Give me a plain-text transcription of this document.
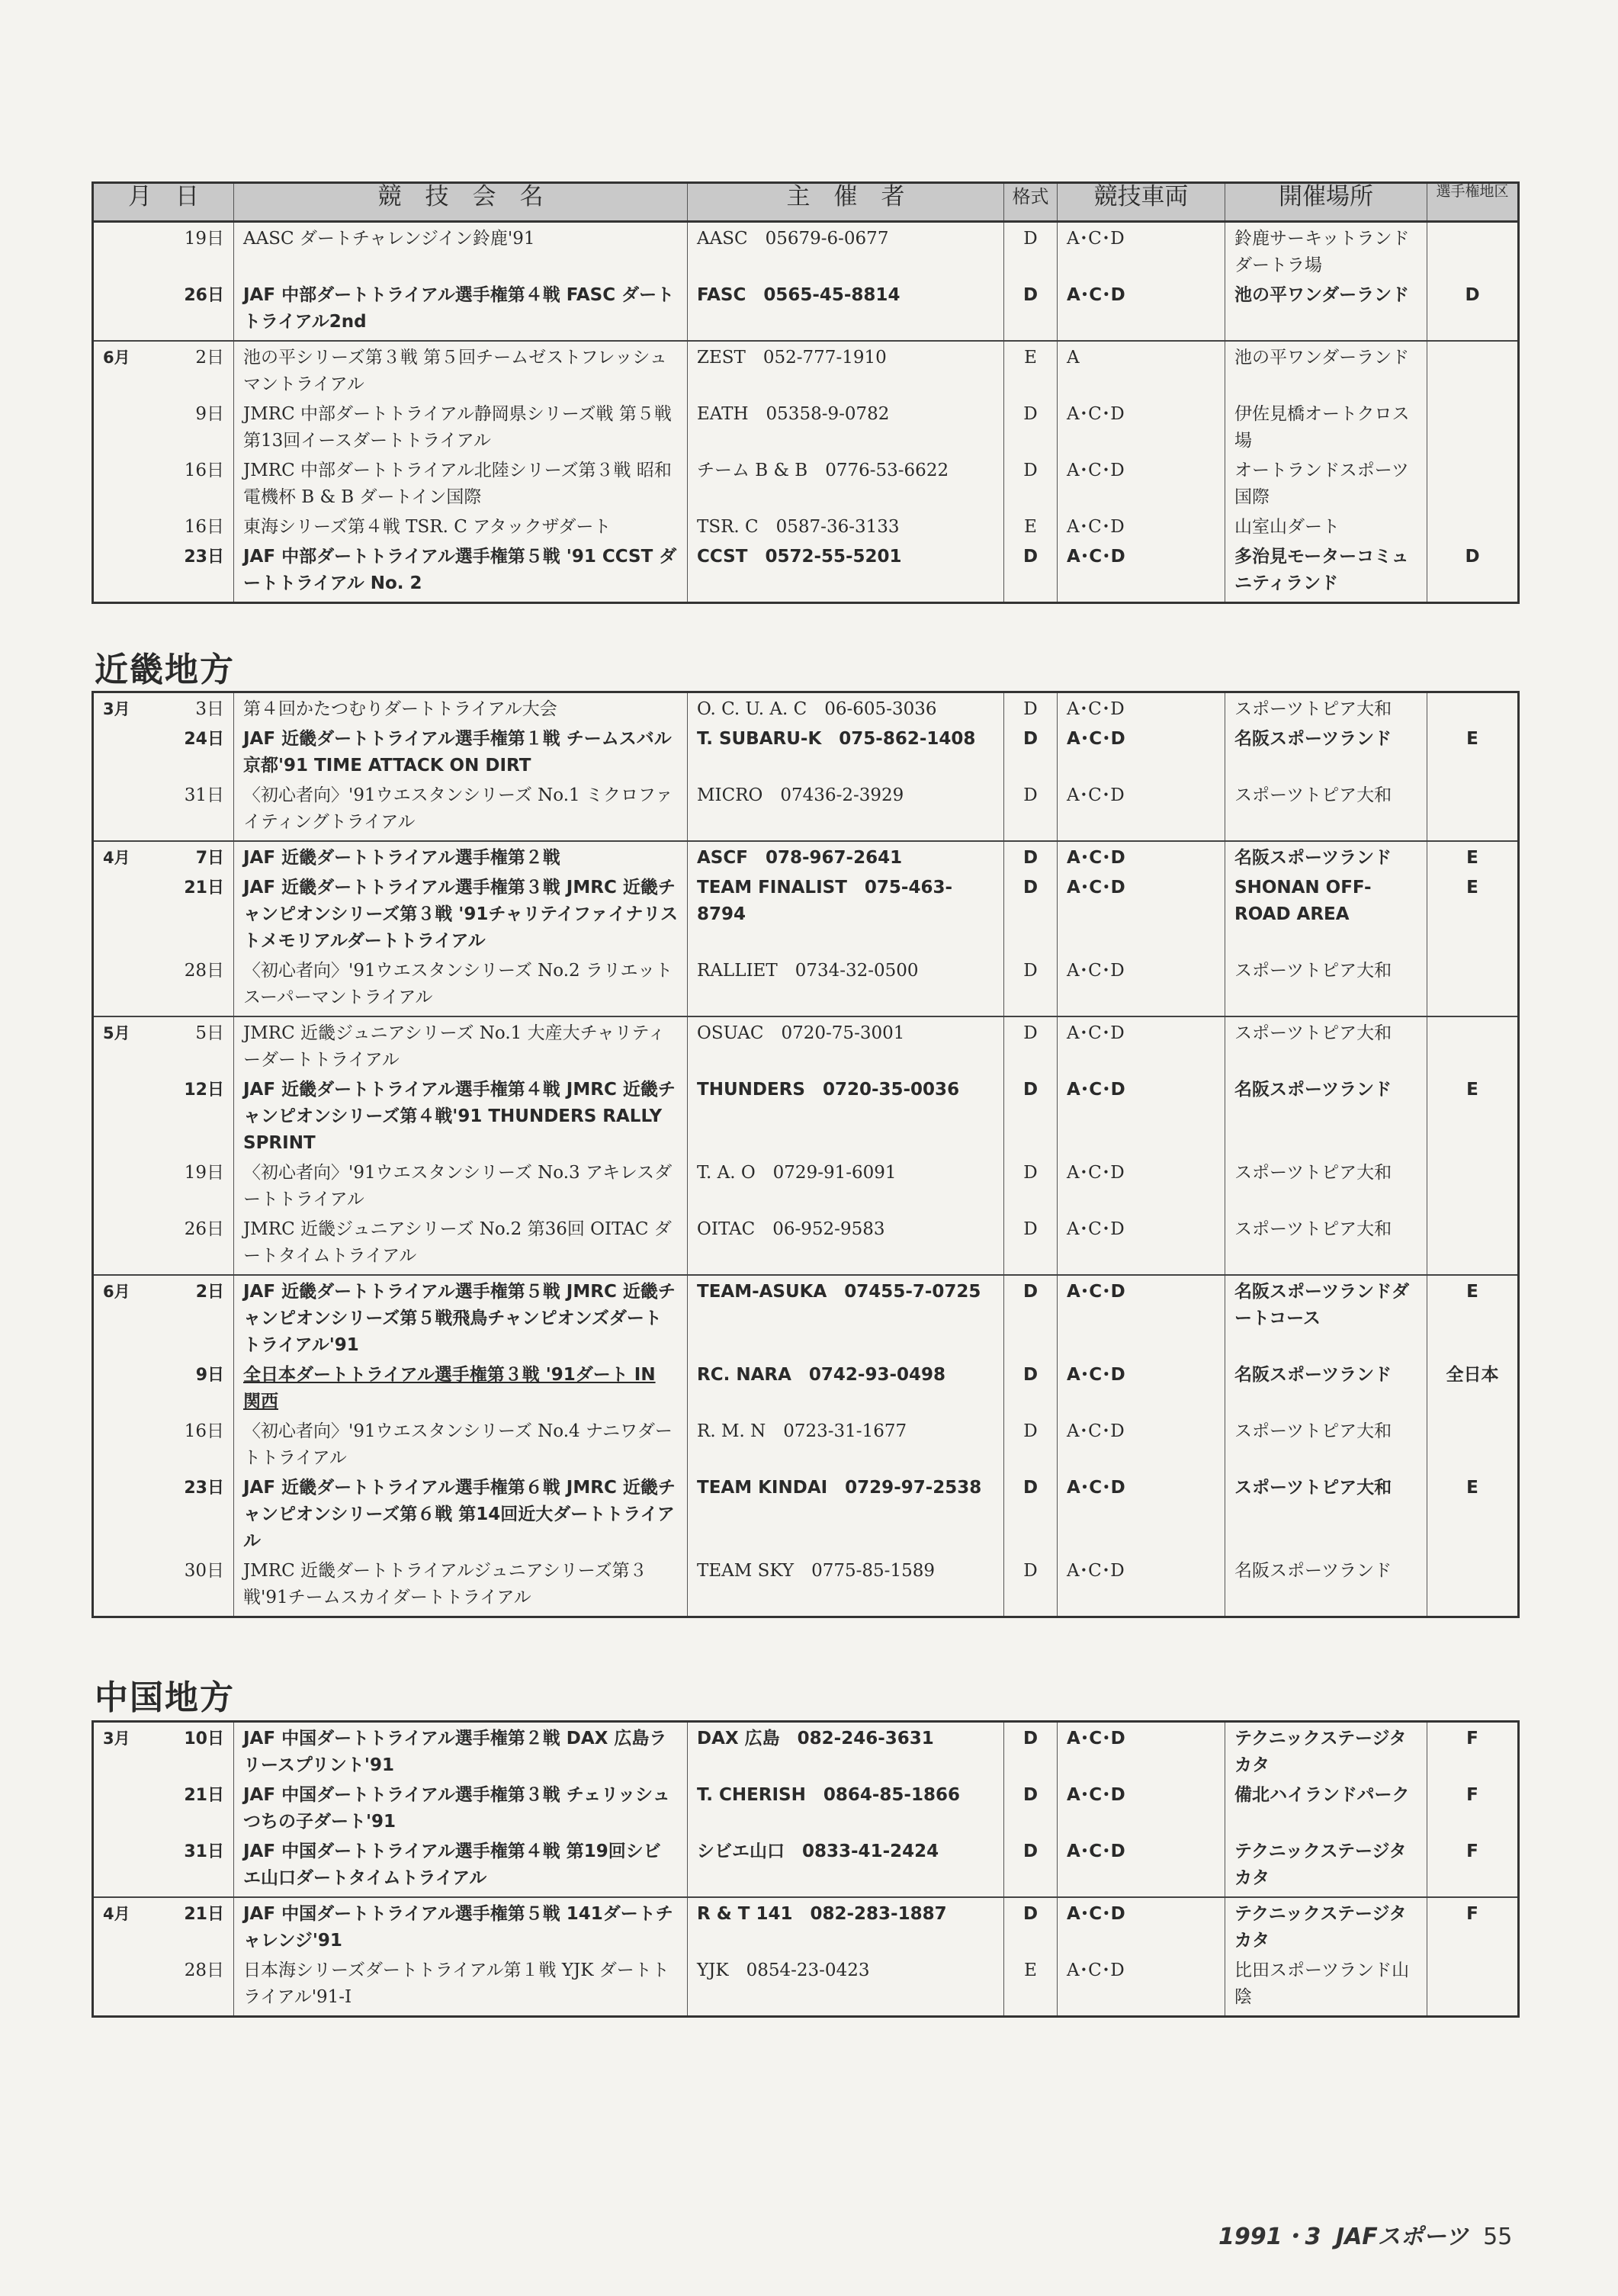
月　日	競　技　会　名	主　催　者	格式	競技車両	開催場所	選手権地区

19日	AASC ダートチャレンジイン鈴鹿'91	AASC　05679-6-0677	D	A･C･D	鈴鹿サーキットランド ダートラ場	

26日	JAF 中部ダートトライアル選手権第４戦 FASC ダートトライアル2nd	FASC　0565-45-8814	D	A･C･D	池の平ワンダーランド	D

6月 2日	池の平シリーズ第３戦 第５回チームゼストフレッシュマントライアル	ZEST　052-777-1910	E	A	池の平ワンダーランド	

9日	JMRC 中部ダートトライアル静岡県シリーズ戦 第５戦第13回イースダートトライアル	EATH　05358-9-0782	D	A･C･D	伊佐見橋オートクロス場	

16日	JMRC 中部ダートトライアル北陸シリーズ第３戦 昭和電機杯 B & B ダートイン国際	チーム B & B　0776-53-6622	D	A･C･D	オートランドスポーツ国際	

16日	東海シリーズ第４戦 TSR. C アタックザダート	TSR. C　0587-36-3133	E	A･C･D	山室山ダート	

23日	JAF 中部ダートトライアル選手権第５戦 '91 CCST ダートトライアル No. 2	CCST　0572-55-5201	D	A･C･D	多治見モーターコミュニティランド	D
近畿地方
3月 3日	第４回かたつむりダートトライアル大会	O. C. U. A. C　06-605-3036	D	A･C･D	スポーツトピア大和	

24日	JAF 近畿ダートトライアル選手権第１戦 チームスバル京都'91 TIME ATTACK ON DIRT	T. SUBARU-K　075-862-1408	D	A･C･D	名阪スポーツランド	E

31日	〈初心者向〉'91ウエスタンシリーズ No.1 ミクロファイティングトライアル	MICRO　07436-2-3929	D	A･C･D	スポーツトピア大和	

4月 7日	JAF 近畿ダートトライアル選手権第２戦	ASCF　078-967-2641	D	A･C･D	名阪スポーツランド	E

21日	JAF 近畿ダートトライアル選手権第３戦 JMRC 近畿チャンピオンシリーズ第３戦 '91チャリテイファイナリストメモリアルダートトライアル	TEAM FINALIST　075-463-8794	D	A･C･D	SHONAN OFF-ROAD AREA	E

28日	〈初心者向〉'91ウエスタンシリーズ No.2 ラリエットスーパーマントライアル	RALLIET　0734-32-0500	D	A･C･D	スポーツトピア大和	

5月 5日	JMRC 近畿ジュニアシリーズ No.1 大産大チャリティーダートトライアル	OSUAC　0720-75-3001	D	A･C･D	スポーツトピア大和	

12日	JAF 近畿ダートトライアル選手権第４戦 JMRC 近畿チャンピオンシリーズ第４戦'91 THUNDERS RALLY SPRINT	THUNDERS　0720-35-0036	D	A･C･D	名阪スポーツランド	E

19日	〈初心者向〉'91ウエスタンシリーズ No.3 アキレスダートトライアル	T. A. O　0729-91-6091	D	A･C･D	スポーツトピア大和	

26日	JMRC 近畿ジュニアシリーズ No.2 第36回 OITAC ダートタイムトライアル	OITAC　06-952-9583	D	A･C･D	スポーツトピア大和	

6月 2日	JAF 近畿ダートトライアル選手権第５戦 JMRC 近畿チャンピオンシリーズ第５戦飛鳥チャンピオンズダートトライアル'91	TEAM-ASUKA　07455-7-0725	D	A･C･D	名阪スポーツランドダートコース	E

9日	全日本ダートトライアル選手権第３戦 '91ダート IN 関西	RC. NARA　0742-93-0498	D	A･C･D	名阪スポーツランド	全日本

16日	〈初心者向〉'91ウエスタンシリーズ No.4 ナニワダートトライアル	R. M. N　0723-31-1677	D	A･C･D	スポーツトピア大和	

23日	JAF 近畿ダートトライアル選手権第６戦 JMRC 近畿チャンピオンシリーズ第６戦 第14回近大ダートトライアル	TEAM KINDAI　0729-97-2538	D	A･C･D	スポーツトピア大和	E

30日	JMRC 近畿ダートトライアルジュニアシリーズ第３戦'91チームスカイダートトライアル	TEAM SKY　0775-85-1589	D	A･C･D	名阪スポーツランド	
中国地方
3月 10日	JAF 中国ダートトライアル選手権第２戦 DAX 広島ラリースプリント'91	DAX 広島　082-246-3631	D	A･C･D	テクニックステージタカタ	F

21日	JAF 中国ダートトライアル選手権第３戦 チェリッシュつちの子ダート'91	T. CHERISH　0864-85-1866	D	A･C･D	備北ハイランドパーク	F

31日	JAF 中国ダートトライアル選手権第４戦 第19回シビエ山口ダートタイムトライアル	シビエ山口　0833-41-2424	D	A･C･D	テクニックステージタカタ	F

4月 21日	JAF 中国ダートトライアル選手権第５戦 141ダートチャレンジ'91	R & T 141　082-283-1887	D	A･C･D	テクニックステージタカタ	F

28日	日本海シリーズダートトライアル第１戦 YJK ダートトライアル'91-I	YJK　0854-23-0423	E	A･C･D	比田スポーツランド山陰	
1991・3 JAFスポーツ 55
